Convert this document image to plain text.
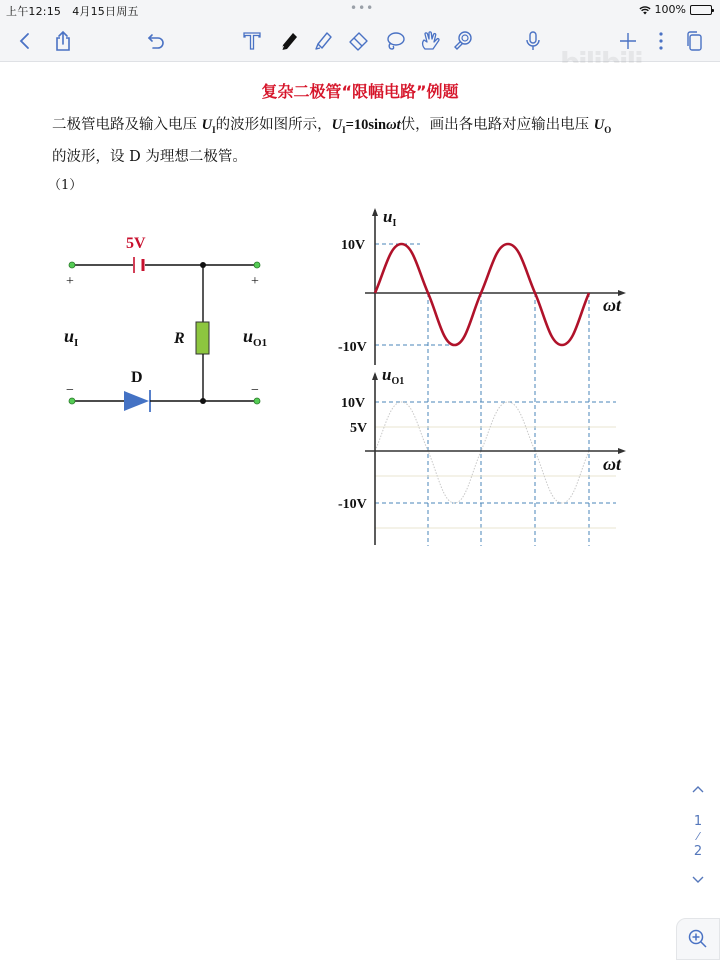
上午12:15 4月15日周五	•••	100%
复杂二极管“限幅电路”例题
二极管电路及输入电压 $U_I$的波形如图所示，$U_I=10\sin\omega t$伏，画出各电路对应输出电压 $U_O$
的波形，设 D 为理想二极管。
（1）
5V
R
D
+	+
−	−
$u_I$	$u_{O1}$
$u_I$
10V
-10V
ωt
$u_{O1}$
10V
5V
-10V
ωt
1
⁄
2
